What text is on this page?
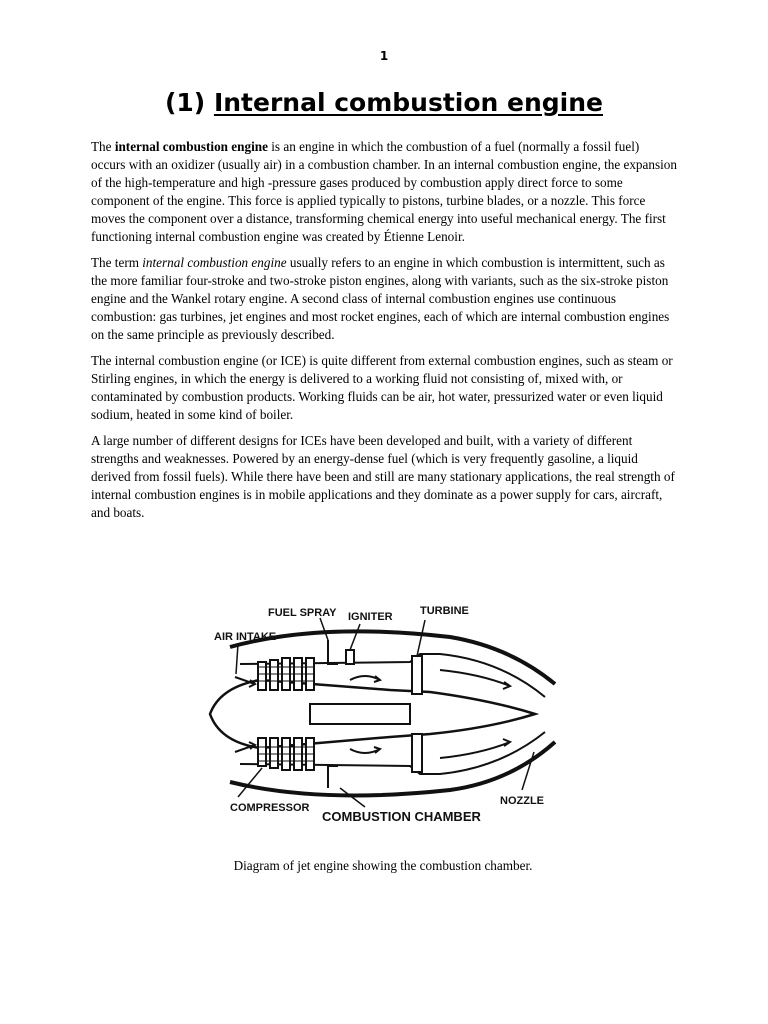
1
(1) Internal combustion engine

The internal combustion engine is an engine in which the combustion of a fuel (normally a fossil fuel) occurs with an oxidizer (usually air) in a combustion chamber. In an internal combustion engine, the expansion of the high-temperature and high -pressure gases produced by combustion apply direct force to some component of the engine. This force is applied typically to pistons, turbine blades, or a nozzle. This force moves the component over a distance, transforming chemical energy into useful mechanical energy. The first functioning internal combustion engine was created by Étienne Lenoir.

The term internal combustion engine usually refers to an engine in which combustion is intermittent, such as the more familiar four-stroke and two-stroke piston engines, along with variants, such as the six-stroke piston engine and the Wankel rotary engine. A second class of internal combustion engines use continuous combustion: gas turbines, jet engines and most rocket engines, each of which are internal combustion engines on the same principle as previously described.

The internal combustion engine (or ICE) is quite different from external combustion engines, such as steam or Stirling engines, in which the energy is delivered to a working fluid not consisting of, mixed with, or contaminated by combustion products. Working fluids can be air, hot water, pressurized water or even liquid sodium, heated in some kind of boiler.

A large number of different designs for ICEs have been developed and built, with a variety of different strengths and weaknesses. Powered by an energy-dense fuel (which is very frequently gasoline, a liquid derived from fossil fuels). While there have been and still are many stationary applications, the real strength of internal combustion engines is in mobile applications and they dominate as a power supply for cars, aircraft, and boats.

FUEL SPRAY IGNITER TURBINE
AIR INTAKE
COMPRESSOR
COMBUSTION CHAMBER
NOZZLE
Diagram of jet engine showing the combustion chamber.
